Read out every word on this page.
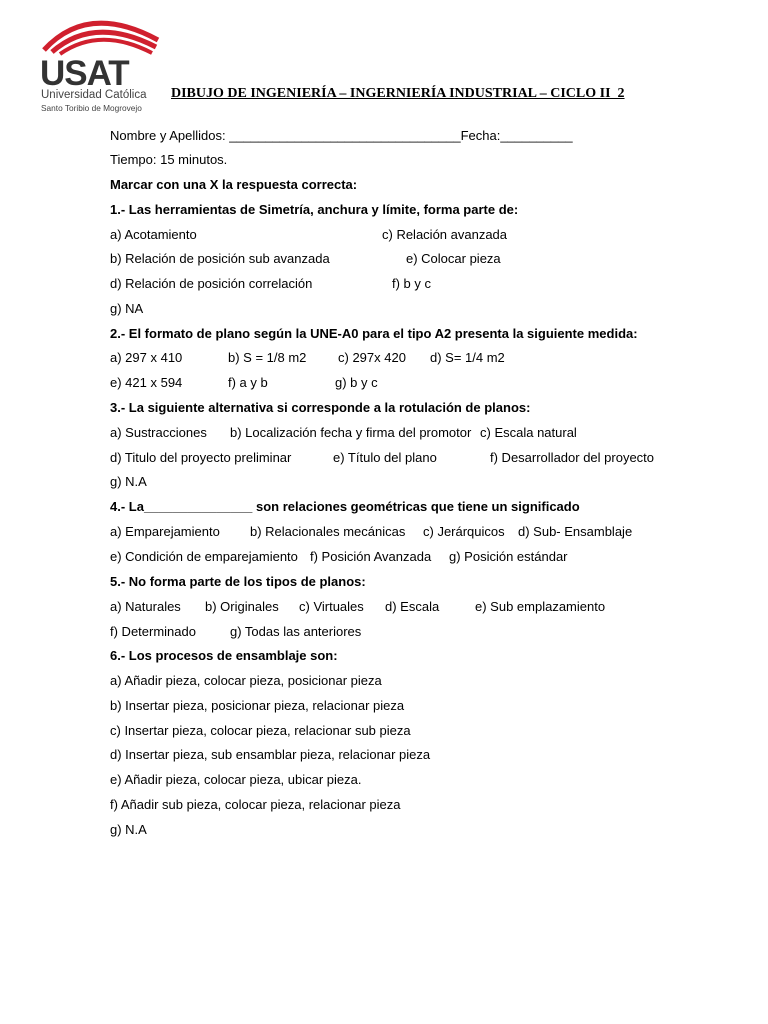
USAT
Universidad Católica
Santo Toribio de Mogrovejo
DIBUJO DE INGENIERÍA – INGERNIERÍA INDUSTRIAL – CICLO II_2
Nombre y Apellidos: ________________________________Fecha:__________
Tiempo: 15 minutos.
Marcar con una X la respuesta correcta:
1.- Las herramientas de Simetría, anchura y límite, forma parte de:
a) Acotamiento	c) Relación avanzada
b) Relación de posición sub avanzada	e) Colocar pieza
d) Relación de posición correlación	f) b y c
g) NA
2.- El formato de plano según la UNE-A0 para el tipo A2 presenta la siguiente medida:
a) 297 x 410	b) S = 1/8 m2 c) 297x 420 d) S= 1/4 m2
e) 421 x 594	f) a y b	g) b y c
3.- La siguiente alternativa si corresponde a la rotulación de planos:
a) Sustracciones b) Localización fecha y firma del promotor c) Escala natural
d) Titulo del proyecto preliminar	e) Título del plano	f) Desarrollador del proyecto
g) N.A
4.- La_______________ son relaciones geométricas que tiene un significado
a) Emparejamiento b) Relacionales mecánicas c) Jerárquicos d) Sub- Ensamblaje
e) Condición de emparejamiento f) Posición Avanzada g) Posición estándar
5.- No forma parte de los tipos de planos:
a) Naturales b) Originales c) Virtuales d) Escala	e) Sub emplazamiento
f) Determinado	g) Todas las anteriores
6.- Los procesos de ensamblaje son:
a) Añadir pieza, colocar pieza, posicionar pieza
b) Insertar pieza, posicionar pieza, relacionar pieza
c) Insertar pieza, colocar pieza, relacionar sub pieza
d) Insertar pieza, sub ensamblar pieza, relacionar pieza
e) Añadir pieza, colocar pieza, ubicar pieza.
f) Añadir sub pieza, colocar pieza, relacionar pieza
g) N.A
